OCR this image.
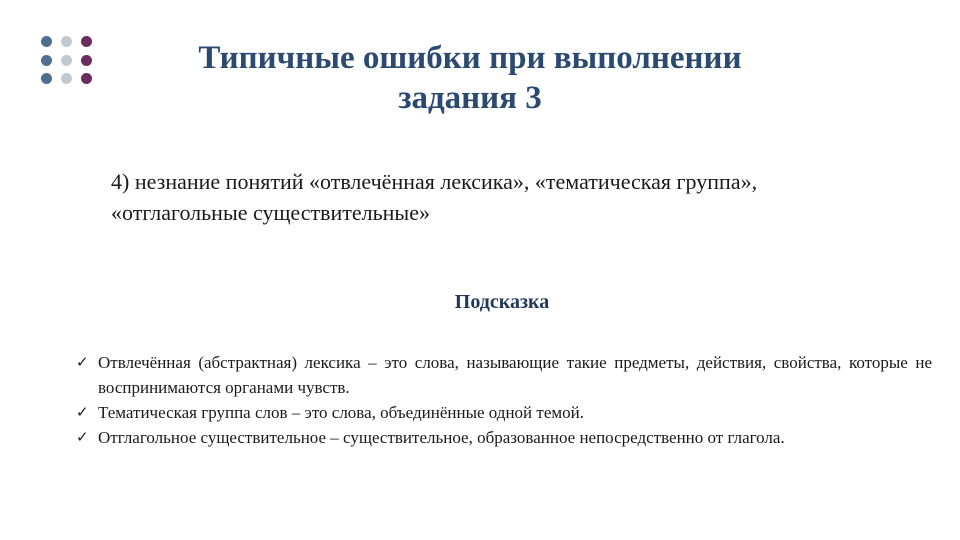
Типичные ошибки при выполнении
задания 3
4) незнание понятий «отвлечённая лексика», «тематическая группа», «отглагольные существительные»
Подсказка
✓ Отвлечённая (абстрактная) лексика – это слова, называющие такие предметы, действия, свойства, которые не воспринимаются органами чувств.
✓ Тематическая группа слов – это слова, объединённые одной темой.
✓ Отглагольное существительное – существительное, образованное непосредственно от глагола.
